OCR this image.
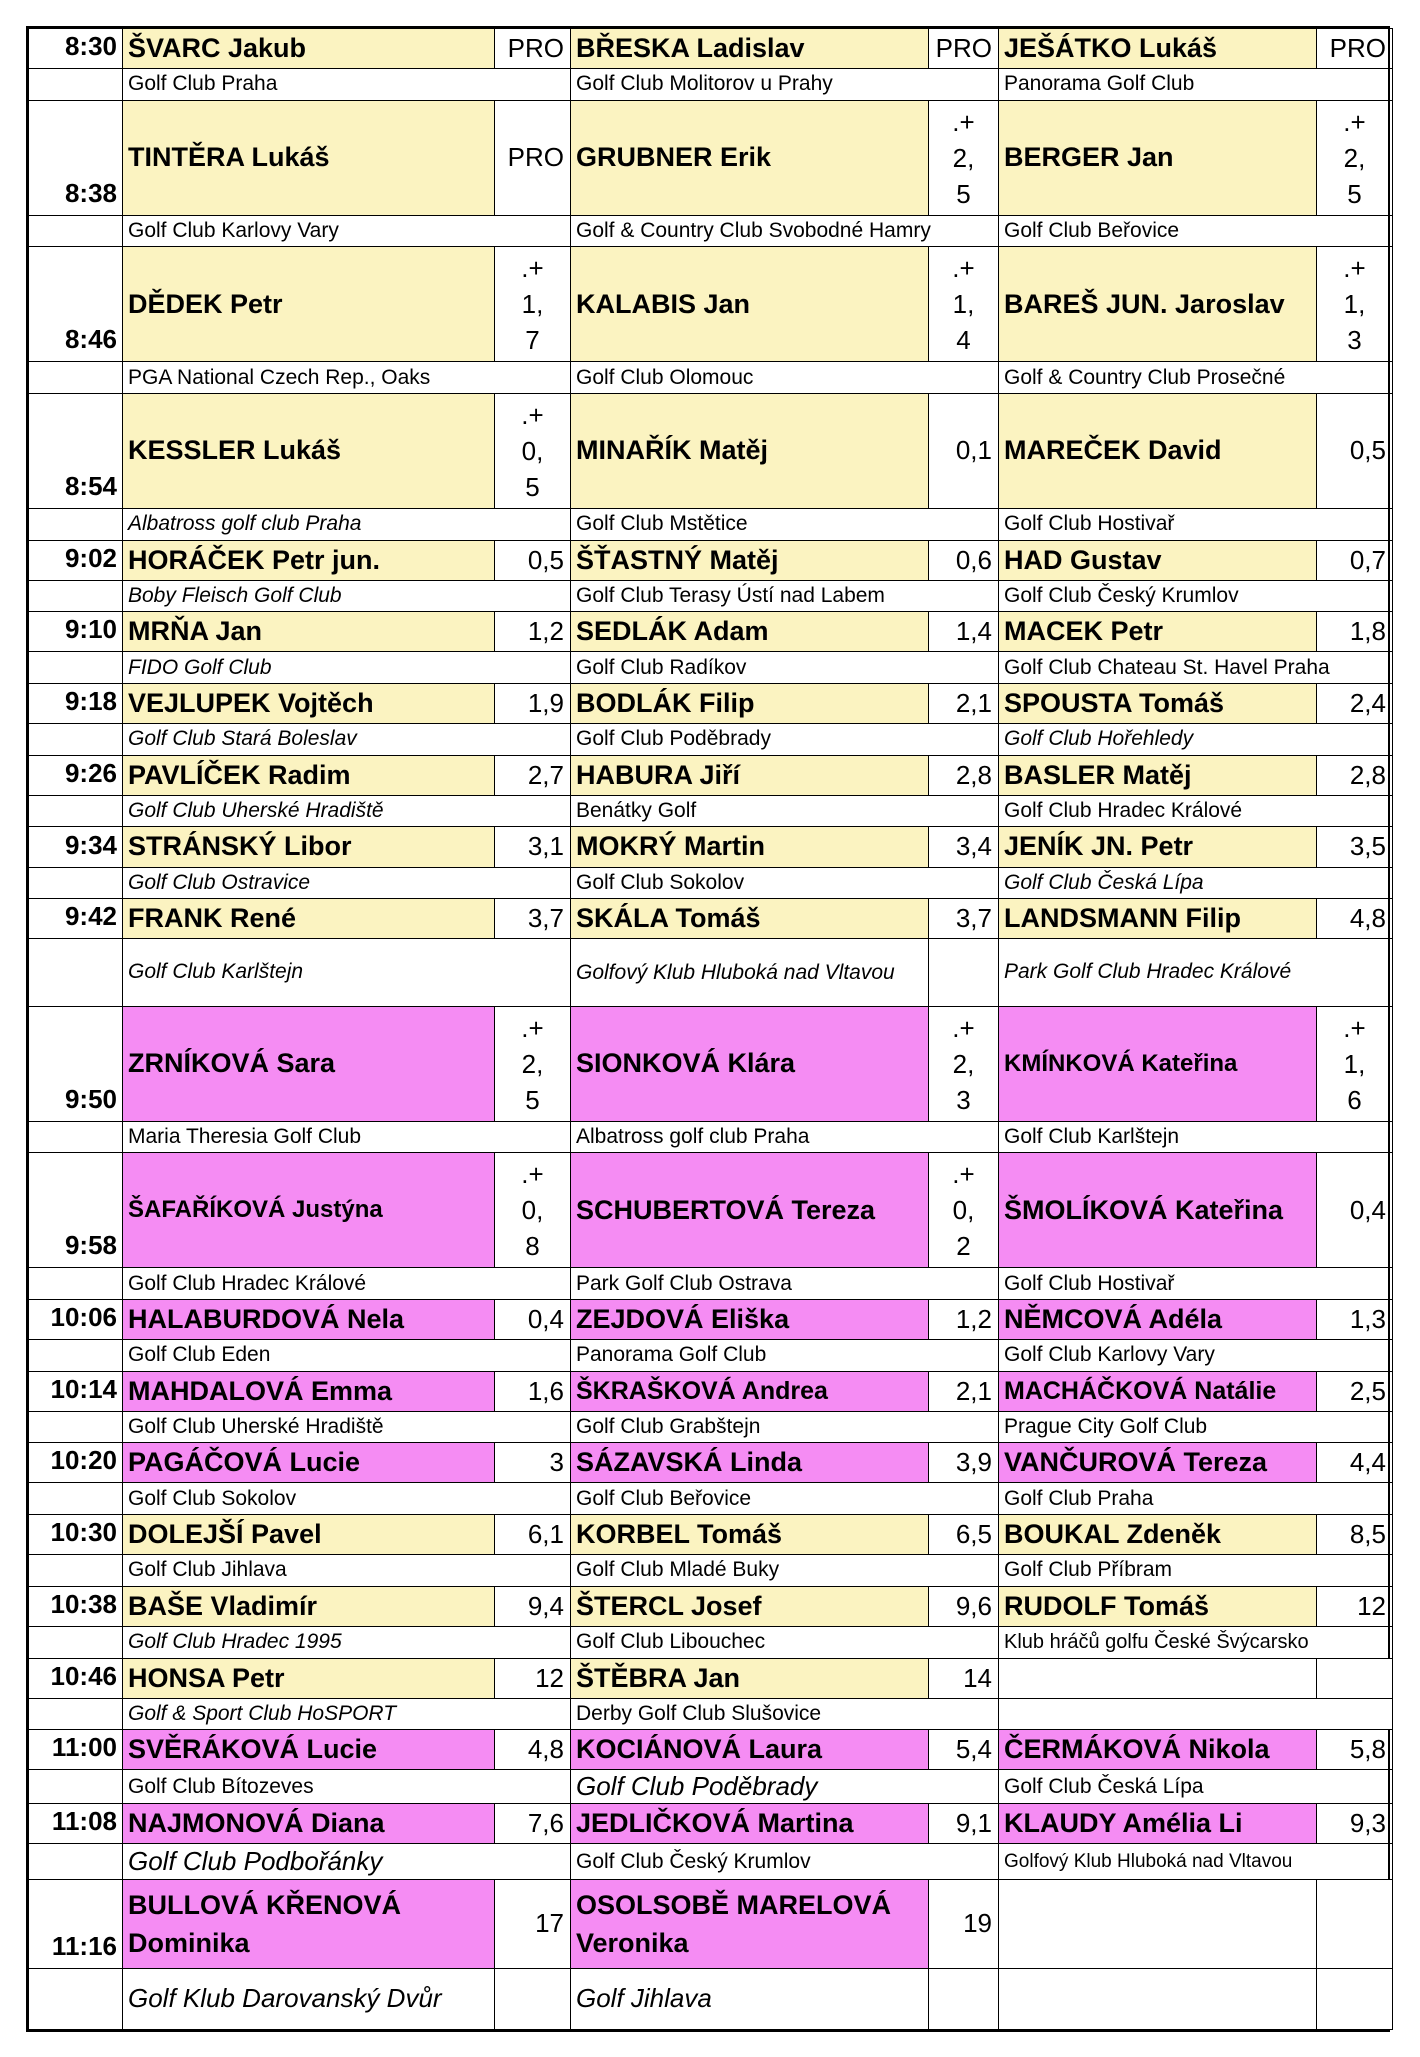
8:30	ŠVARC Jakub	PRO	BŘESKA Ladislav	PRO	JEŠÁTKO Lukáš	PRO
	Golf Club Praha		Golf Club Molitorov u Prahy		Panorama Golf Club	
8:38	TINTĚRA Lukáš	PRO	GRUBNER Erik	.+2,5	BERGER Jan	.+2,5

	Golf Club Karlovy Vary		Golf & Country Club Svobodné Hamry		Golf Club Beřovice	
8:46	DĚDEK Petr	.+1,7	KALABIS Jan	.+1,4	BAREŠ JUN. Jaroslav	.+1,3

	PGA National Czech Rep., Oaks		Golf Club Olomouc		Golf & Country Club Prosečné	
8:54	KESSLER Lukáš	.+0,5	MINAŘÍK Matěj	0,1	MAREČEK David	0,5
	Albatross golf club Praha		Golf Club Mstětice		Golf Club Hostivař	
9:02	HORÁČEK Petr jun.	0,5	ŠŤASTNÝ Matěj	0,6	HAD Gustav	0,7
	Boby Fleisch Golf Club		Golf Club Terasy Ústí nad Labem		Golf Club Český Krumlov	
9:10	MRŇA Jan	1,2	SEDLÁK Adam	1,4	MACEK Petr	1,8
	FIDO Golf Club		Golf Club Radíkov		Golf Club Chateau St. Havel Praha	
9:18	VEJLUPEK Vojtěch	1,9	BODLÁK Filip	2,1	SPOUSTA Tomáš	2,4
	Golf Club Stará Boleslav		Golf Club Poděbrady		Golf Club Hořehledy	
9:26	PAVLÍČEK Radim	2,7	HABURA Jiří	2,8	BASLER Matěj	2,8
	Golf Club Uherské Hradiště		Benátky Golf		Golf Club Hradec Králové	
9:34	STRÁNSKÝ Libor	3,1	MOKRÝ Martin	3,4	JENÍK JN. Petr	3,5
	Golf Club Ostravice		Golf Club Sokolov		Golf Club Česká Lípa	
9:42	FRANK René	3,7	SKÁLA Tomáš	3,7	LANDSMANN Filip	4,8
	Golf Club Karlštejn		Golfový Klub Hluboká nad Vltavou		Park Golf Club Hradec Králové	
9:50	ZRNÍKOVÁ Sara	.+2,5	SIONKOVÁ Klára	.+2,3	KMÍNKOVÁ Kateřina	.+1,6

	Maria Theresia Golf Club		Albatross golf club Praha		Golf Club Karlštejn	
9:58	ŠAFAŘÍKOVÁ Justýna	.+0,8	SCHUBERTOVÁ Tereza	.+0,2	ŠMOLÍKOVÁ Kateřina	0,4
	Golf Club Hradec Králové		Park Golf Club Ostrava		Golf Club Hostivař	
10:06	HALABURDOVÁ Nela	0,4	ZEJDOVÁ Eliška	1,2	NĚMCOVÁ Adéla	1,3
	Golf Club Eden		Panorama Golf Club		Golf Club Karlovy Vary	
10:14	MAHDALOVÁ Emma	1,6	ŠKRAŠKOVÁ Andrea	2,1	MACHÁČKOVÁ Natálie	2,5
	Golf Club Uherské Hradiště		Golf Club Grabštejn		Prague City Golf Club	
10:20	PAGÁČOVÁ Lucie	3	SÁZAVSKÁ Linda	3,9	VANČUROVÁ Tereza	4,4
	Golf Club Sokolov		Golf Club Beřovice		Golf Club Praha	
10:30	DOLEJŠÍ Pavel	6,1	KORBEL Tomáš	6,5	BOUKAL Zdeněk	8,5
	Golf Club Jihlava		Golf Club Mladé Buky		Golf Club Příbram	
10:38	BAŠE Vladimír	9,4	ŠTERCL Josef	9,6	RUDOLF Tomáš	12
	Golf Club Hradec 1995		Golf Club Libouchec		Klub hráčů golfu České Švýcarsko	
10:46	HONSA Petr	12	ŠTĚBRA Jan	14		
	Golf & Sport Club HoSPORT		Derby Golf Club Slušovice			
11:00	SVĚRÁKOVÁ Lucie	4,8	KOCIÁNOVÁ Laura	5,4	ČERMÁKOVÁ Nikola	5,8
	Golf Club Bítozeves		Golf Club Poděbrady		Golf Club Česká Lípa	
11:08	NAJMONOVÁ Diana	7,6	JEDLIČKOVÁ Martina	9,1	KLAUDY Amélia Li	9,3
	Golf Club Podbořánky		Golf Club Český Krumlov		Golfový Klub Hluboká nad Vltavou	
11:16	BULLOVÁ KŘENOVÁ Dominika	17	OSOLSOBĚ MARELOVÁ Veronika	19		
	Golf Klub Darovanský Dvůr		Golf Jihlava			
